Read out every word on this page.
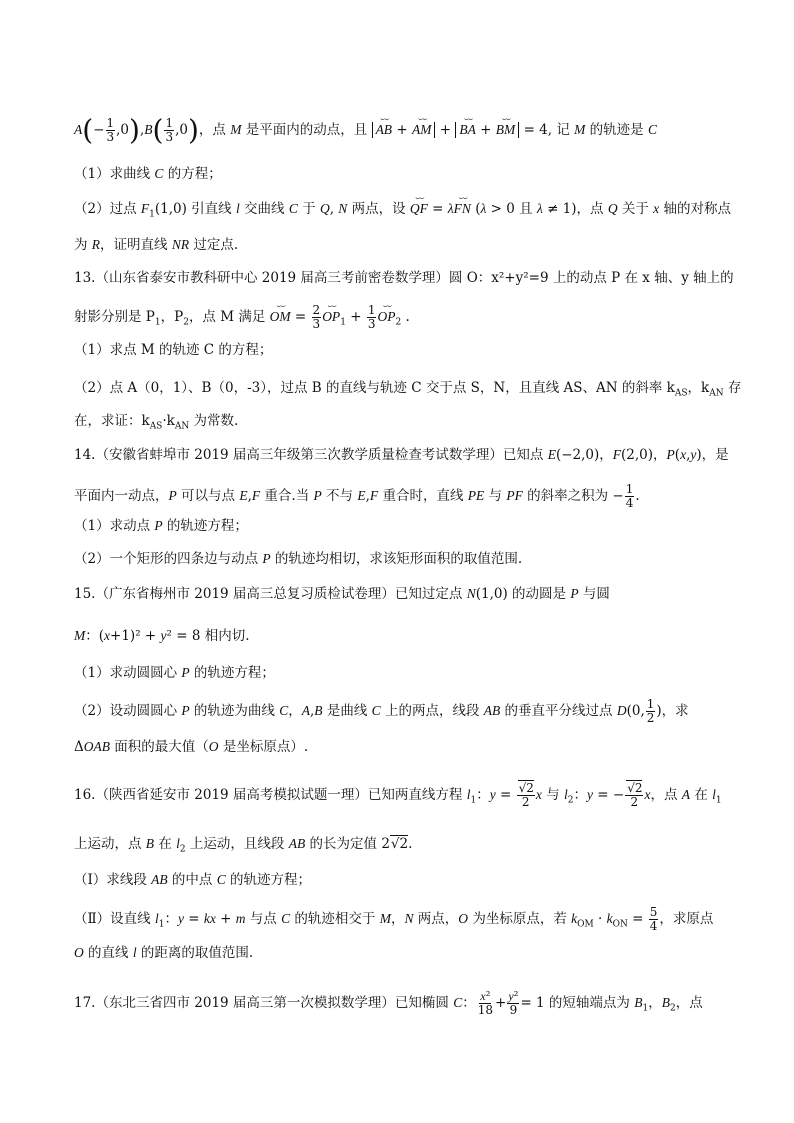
$A(- \frac{1}{3} ,0),B( \frac{1}{3} ,0)$，点 M 是平面内的动点，且 ⌣⌣ AB + ⌣⌣ AM + ⌣⌣ BA + ⌣⌣ BM = 4, 记 M 的轨迹是 C
（1）求曲线 C 的方程；
（2）过点 $F_1(1,0)$ 引直线 l 交曲线 C 于 Q, N 两点，设 ⌣⌣ QF = λ⌣⌣ FN (λ > 0 且 λ ≠ 1)，点 Q 关于 x 轴的对称点
为 R，证明直线 NR 过定点.
13.（山东省泰安市教科研中心 2019 届高三考前密卷数学理）圆 O：x²+y²=9 上的动点 P 在 x 轴、y 轴上的
射影分别是 $P_1$，$P_2$，点 M 满足 ⌣⌣ OM = $\frac{2}{3}$ ⌣⌣ $OP_1 + \frac{1}{3}$ ⌣⌣ $OP_2$ .
（1）求点 M 的轨迹 C 的方程；
（2）点 A（0，1）、B（0，-3），过点 B 的直线与轨迹 C 交于点 S，N，且直线 AS、AN 的斜率 $k_{AS}$，$k_{AN}$ 存
在，求证：$k_{AS}\cdot k_{AN}$ 为常数.
14.（安徽省蚌埠市 2019 届高三年级第三次教学质量检查考试数学理）已知点 E(−2,0)，F(2,0)，P(x,y)，是
平面内一动点，P 可以与点 E,F 重合.当 P 不与 E,F 重合时，直线 PE 与 PF 的斜率之积为 − $\frac{1}{4}$ .
（1）求动点 P 的轨迹方程；
（2）一个矩形的四条边与动点 P 的轨迹均相切，求该矩形面积的取值范围.
15.（广东省梅州市 2019 届高三总复习质检试卷理）已知过定点 N(1,0) 的动圆是 P 与圆
M：(x+1)² + y² = 8 相内切.
（1）求动圆圆心 P 的轨迹方程；
（2）设动圆圆心 P 的轨迹为曲线 C，A,B 是曲线 C 上的两点，线段 AB 的垂直平分线过点 D(0, $\frac{1}{2}$ )，求
ΔOAB 面积的最大值（O 是坐标原点）.
16.（陕西省延安市 2019 届高考模拟试题一理）已知两直线方程 $l_1$：$y = \frac{√2}{2}$ x 与 $l_2$：y = − $\frac{√2}{2}$ x，点 A 在 $l_1$
上运动，点 B 在 $l_2$ 上运动，且线段 AB 的长为定值 2√2.
（Ⅰ）求线段 AB 的中点 C 的轨迹方程；
（Ⅱ）设直线 $l_1$：y = kx + m 与点 C 的轨迹相交于 M，N 两点，O 为坐标原点，若 $k_{OM} \cdot k_{ON} = \frac{5}{4}$ ，求原点
O 的直线 l 的距离的取值范围.
17.（东北三省四市 2019 届高三第一次模拟数学理）已知椭圆 C： $\frac{\text{x²}}{18} + \frac{\text{y²}}{9} = 1$ 的短轴端点为 $B_1$，$B_2$，点
